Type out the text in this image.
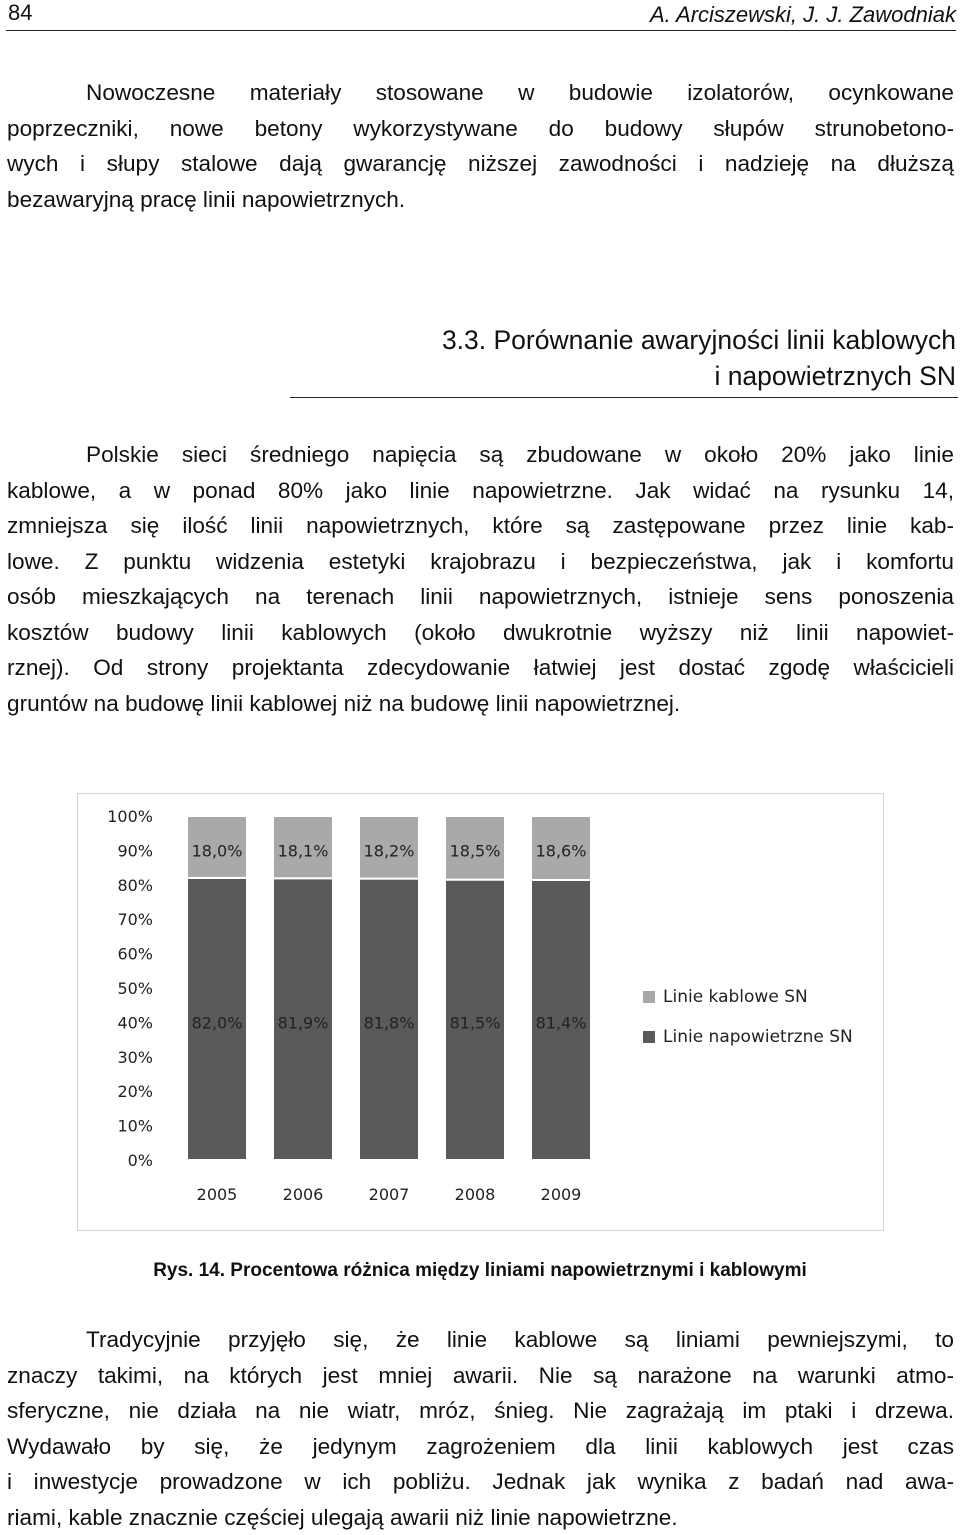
84	A. Arciszewski, J. J. Zawodniak
Nowoczesne materiały stosowane w budowie izolatorów, ocynkowane
poprzeczniki, nowe betony wykorzystywane do budowy słupów strunobetono-
wych i słupy stalowe dają gwarancję niższej zawodności i nadzieję na dłuższą
bezawaryjną pracę linii napowietrznych.
3.3. Porównanie awaryjności linii kablowych
i napowietrznych SN
Polskie sieci średniego napięcia są zbudowane w około 20% jako linie
kablowe, a w ponad 80% jako linie napowietrzne. Jak widać na rysunku 14,
zmniejsza się ilość linii napowietrznych, które są zastępowane przez linie kab-
lowe. Z punktu widzenia estetyki krajobrazu i bezpieczeństwa, jak i komfortu
osób mieszkających na terenach linii napowietrznych, istnieje sens ponoszenia
kosztów budowy linii kablowych (około dwukrotnie wyższy niż linii napowiet-
rznej). Od strony projektanta zdecydowanie łatwiej jest dostać zgodę właścicieli
gruntów na budowę linii kablowej niż na budowę linii napowietrznej.
0%
10%
20%
30%
40%
50%
60%
70%
80%
90%
100%
82,0%
18,0%
2005
81,9%
18,1%
2006
81,8%
18,2%
2007
81,5%
18,5%
2008
81,4%
18,6%
2009
Linie kablowe SN
Linie napowietrzne SN
Rys. 14. Procentowa różnica między liniami napowietrznymi i kablowymi
Tradycyjnie przyjęło się, że linie kablowe są liniami pewniejszymi, to
znaczy takimi, na których jest mniej awarii. Nie są narażone na warunki atmo-
sferyczne, nie działa na nie wiatr, mróz, śnieg. Nie zagrażają im ptaki i drzewa.
Wydawało by się, że jedynym zagrożeniem dla linii kablowych jest czas
i inwestycje prowadzone w ich pobliżu. Jednak jak wynika z badań nad awa-
riami, kable znacznie częściej ulegają awarii niż linie napowietrzne.
